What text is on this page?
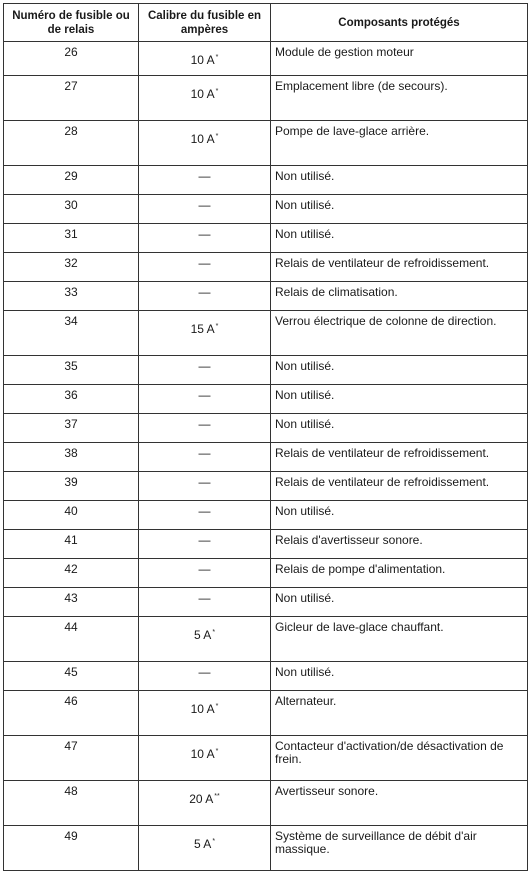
Numéro de fusible ou de relais	Calibre du fusible en ampères	Composants protégés
26	10 A*	Module de gestion moteur
27	10 A*	Emplacement libre (de secours).
28	10 A*	Pompe de lave-glace arrière.
29	—	Non utilisé.
30	—	Non utilisé.
31	—	Non utilisé.
32	—	Relais de ventilateur de refroidissement.
33	—	Relais de climatisation.
34	15 A*	Verrou électrique de colonne de direction.
35	—	Non utilisé.
36	—	Non utilisé.
37	—	Non utilisé.
38	—	Relais de ventilateur de refroidissement.
39	—	Relais de ventilateur de refroidissement.
40	—	Non utilisé.
41	—	Relais d'avertisseur sonore.
42	—	Relais de pompe d'alimentation.
43	—	Non utilisé.
44	5 A*	Gicleur de lave-glace chauffant.
45	—	Non utilisé.
46	10 A*	Alternateur.
47	10 A*	Contacteur d'activation/de désactivation de frein.
48	20 A**	Avertisseur sonore.
49	5 A*	Système de surveillance de débit d'air massique.
